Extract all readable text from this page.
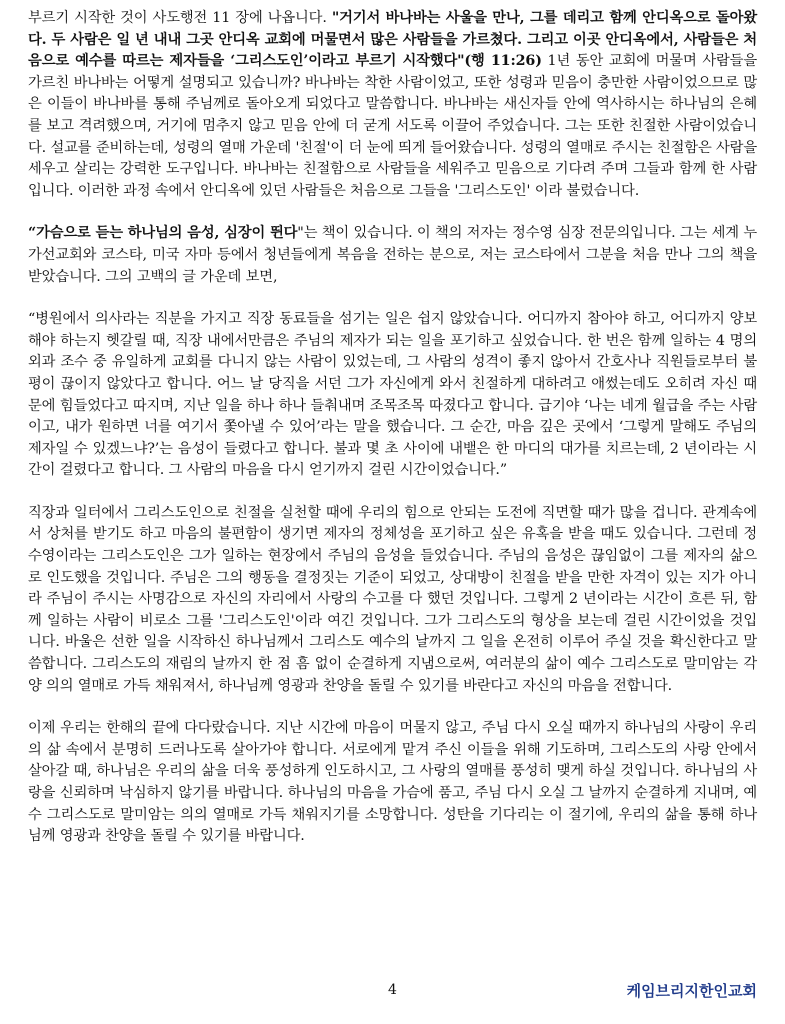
부르기 시작한 것이 사도행전 11 장에 나옵니다. "거기서 바나바는 사울을 만나, 그를 데리고 함께 안디옥으로 돌아왔다. 두 사람은 일 년 내내 그곳 안디옥 교회에 머물면서 많은 사람들을 가르쳤다. 그리고 이곳 안디옥에서, 사람들은 처음으로 예수를 따르는 제자들을 ‘그리스도인’이라고 부르기 시작했다"(행 11:26) 1년 동안 교회에 머물며 사람들을 가르친 바나바는 어떻게 설명되고 있습니까? 바나바는 착한 사람이었고, 또한 성령과 믿음이 충만한 사람이었으므로 많은 이들이 바나바를 통해 주님께로 돌아오게 되었다고 말씀합니다. 바나바는 새신자들 안에 역사하시는 하나님의 은혜를 보고 격려했으며, 거기에 멈추지 않고 믿음 안에 더 굳게 서도록 이끌어 주었습니다. 그는 또한 친절한 사람이었습니다. 설교를 준비하는데, 성령의 열매 가운데 '친절'이 더 눈에 띄게 들어왔습니다. 성령의 열매로 주시는 친절함은 사람을 세우고 살리는 강력한 도구입니다. 바나바는 친절함으로 사람들을 세워주고 믿음으로 기다려 주며 그들과 함께 한 사람입니다. 이러한 과정 속에서 안디옥에 있던 사람들은 처음으로 그들을 '그리스도인' 이라 불렀습니다.

“가슴으로 듣는 하나님의 음성, 심장이 뛴다"는 책이 있습니다. 이 책의 저자는 정수영 심장 전문의입니다. 그는 세계 누가선교회와 코스타, 미국 자마 등에서 청년들에게 복음을 전하는 분으로, 저는 코스타에서 그분을 처음 만나 그의 책을 받았습니다. 그의 고백의 글 가운데 보면,

“병원에서 의사라는 직분을 가지고 직장 동료들을 섬기는 일은 쉽지 않았습니다. 어디까지 참아야 하고, 어디까지 양보해야 하는지 헷갈릴 때, 직장 내에서만큼은 주님의 제자가 되는 일을 포기하고 싶었습니다. 한 번은 함께 일하는 4 명의 외과 조수 중 유일하게 교회를 다니지 않는 사람이 있었는데, 그 사람의 성격이 좋지 않아서 간호사나 직원들로부터 불평이 끊이지 않았다고 합니다. 어느 날 당직을 서던 그가 자신에게 와서 친절하게 대하려고 애썼는데도 오히려 자신 때문에 힘들었다고 따지며, 지난 일을 하나 하나 들춰내며 조목조목 따졌다고 합니다. 급기야 ‘나는 네게 월급을 주는 사람이고, 내가 원하면 너를 여기서 쫓아낼 수 있어’라는 말을 했습니다. 그 순간, 마음 깊은 곳에서 ‘그렇게 말해도 주님의 제자일 수 있겠느냐?’는 음성이 들렸다고 합니다. 불과 몇 초 사이에 내뱉은 한 마디의 대가를 치르는데, 2 년이라는 시간이 걸렸다고 합니다. 그 사람의 마음을 다시 얻기까지 걸린 시간이었습니다.”

직장과 일터에서 그리스도인으로 친절을 실천할 때에 우리의 힘으로 안되는 도전에 직면할 때가 많을 겁니다. 관계속에서 상처를 받기도 하고 마음의 불편함이 생기면 제자의 정체성을 포기하고 싶은 유혹을 받을 때도 있습니다. 그런데 정수영이라는 그리스도인은 그가 일하는 현장에서 주님의 음성을 들었습니다. 주님의 음성은 끊임없이 그를 제자의 삶으로 인도했을 것입니다. 주님은 그의 행동을 결정짓는 기준이 되었고, 상대방이 친절을 받을 만한 자격이 있는 지가 아니라 주님이 주시는 사명감으로 자신의 자리에서 사랑의 수고를 다 했던 것입니다. 그렇게 2 년이라는 시간이 흐른 뒤, 함께 일하는 사람이 비로소 그를 '그리스도인'이라 여긴 것입니다. 그가 그리스도의 형상을 보는데 걸린 시간이었을 것입니다. 바울은 선한 일을 시작하신 하나님께서 그리스도 예수의 날까지 그 일을 온전히 이루어 주실 것을 확신한다고 말씀합니다. 그리스도의 재림의 날까지 한 점 흠 없이 순결하게 지냄으로써, 여러분의 삶이 예수 그리스도로 말미암는 각양 의의 열매로 가득 채워져서, 하나님께 영광과 찬양을 돌릴 수 있기를 바란다고 자신의 마음을 전합니다.

이제 우리는 한해의 끝에 다다랐습니다. 지난 시간에 마음이 머물지 않고, 주님 다시 오실 때까지 하나님의 사랑이 우리의 삶 속에서 분명히 드러나도록 살아가야 합니다. 서로에게 맡겨 주신 이들을 위해 기도하며, 그리스도의 사랑 안에서 살아갈 때, 하나님은 우리의 삶을 더욱 풍성하게 인도하시고, 그 사랑의 열매를 풍성히 맺게 하실 것입니다. 하나님의 사랑을 신뢰하며 낙심하지 않기를 바랍니다. 하나님의 마음을 가슴에 품고, 주님 다시 오실 그 날까지 순결하게 지내며, 예수 그리스도로 말미암는 의의 열매로 가득 채워지기를 소망합니다. 성탄을 기다리는 이 절기에, 우리의 삶을 통해 하나님께 영광과 찬양을 돌릴 수 있기를 바랍니다.

4	케임브리지한인교회
